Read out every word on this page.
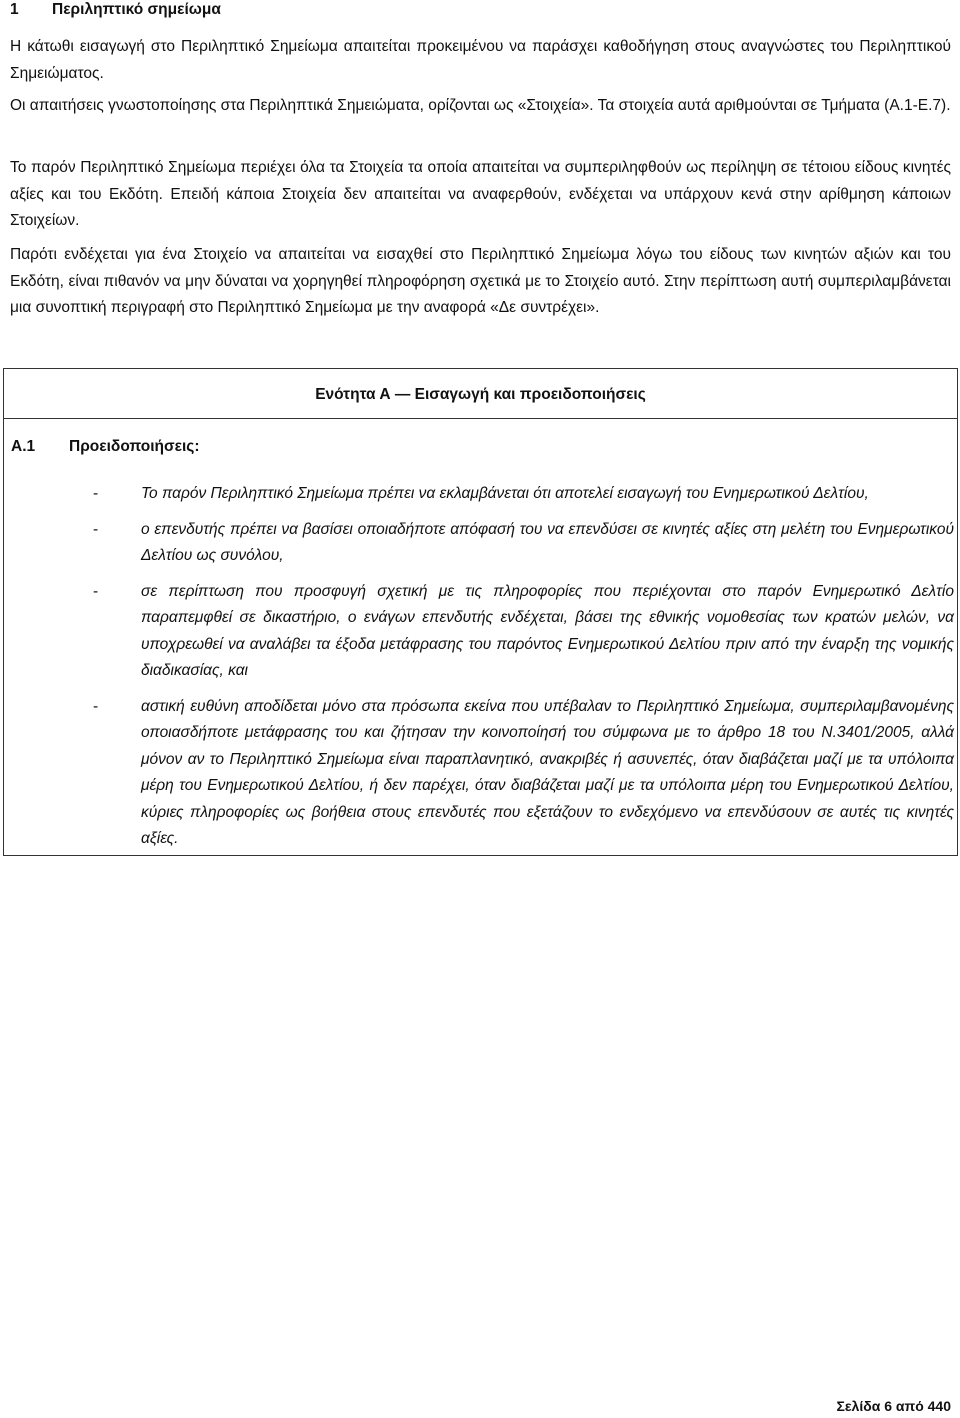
1 Περιληπτικό σημείωμα

Η κάτωθι εισαγωγή στο Περιληπτικό Σημείωμα απαιτείται προκειμένου να παράσχει καθοδήγηση στους αναγνώστες του Περιληπτικού Σημειώματος.

Οι απαιτήσεις γνωστοποίησης στα Περιληπτικά Σημειώματα, ορίζονται ως «Στοιχεία». Τα στοιχεία αυτά αριθμούνται σε Τμήματα (Α.1-Ε.7).

Το παρόν Περιληπτικό Σημείωμα περιέχει όλα τα Στοιχεία τα οποία απαιτείται να συμπεριληφθούν ως περίληψη σε τέτοιου είδους κινητές αξίες και του Εκδότη. Επειδή κάποια Στοιχεία δεν απαιτείται να αναφερθούν, ενδέχεται να υπάρχουν κενά στην αρίθμηση κάποιων Στοιχείων.

Παρότι ενδέχεται για ένα Στοιχείο να απαιτείται να εισαχθεί στο Περιληπτικό Σημείωμα λόγω του είδους των κινητών αξιών και του Εκδότη, είναι πιθανόν να μην δύναται να χορηγηθεί πληροφόρηση σχετικά με το Στοιχείο αυτό. Στην περίπτωση αυτή συμπεριλαμβάνεται μια συνοπτική περιγραφή στο Περιληπτικό Σημείωμα με την αναφορά «Δε συντρέχει».

Ενότητα Α — Εισαγωγή και προειδοποιήσεις
Α.1 Προειδοποιήσεις:
-	Το παρόν Περιληπτικό Σημείωμα πρέπει να εκλαμβάνεται ότι αποτελεί εισαγωγή του Ενημερωτικού Δελτίου,
-	ο επενδυτής πρέπει να βασίσει οποιαδήποτε απόφασή του να επενδύσει σε κινητές αξίες στη μελέτη του Ενημερωτικού Δελτίου ως συνόλου,
-	σε περίπτωση που προσφυγή σχετική με τις πληροφορίες που περιέχονται στο παρόν Ενημερωτικό Δελτίο παραπεμφθεί σε δικαστήριο, ο ενάγων επενδυτής ενδέχεται, βάσει της εθνικής νομοθεσίας των κρατών μελών, να υποχρεωθεί να αναλάβει τα έξοδα μετάφρασης του παρόντος Ενημερωτικού Δελτίου πριν από την έναρξη της νομικής διαδικασίας, και
-	αστική ευθύνη αποδίδεται μόνο στα πρόσωπα εκείνα που υπέβαλαν το Περιληπτικό Σημείωμα, συμπεριλαμβανομένης οποιασδήποτε μετάφρασης του και ζήτησαν την κοινοποίησή του σύμφωνα με το άρθρο 18 του Ν.3401/2005, αλλά μόνον αν το Περιληπτικό Σημείωμα είναι παραπλανητικό, ανακριβές ή ασυνεπές, όταν διαβάζεται μαζί με τα υπόλοιπα μέρη του Ενημερωτικού Δελτίου, ή δεν παρέχει, όταν διαβάζεται μαζί με τα υπόλοιπα μέρη του Ενημερωτικού Δελτίου, κύριες πληροφορίες ως βοήθεια στους επενδυτές που εξετάζουν το ενδεχόμενο να επενδύσουν σε αυτές τις κινητές αξίες.
Σελίδα 6 από 440
